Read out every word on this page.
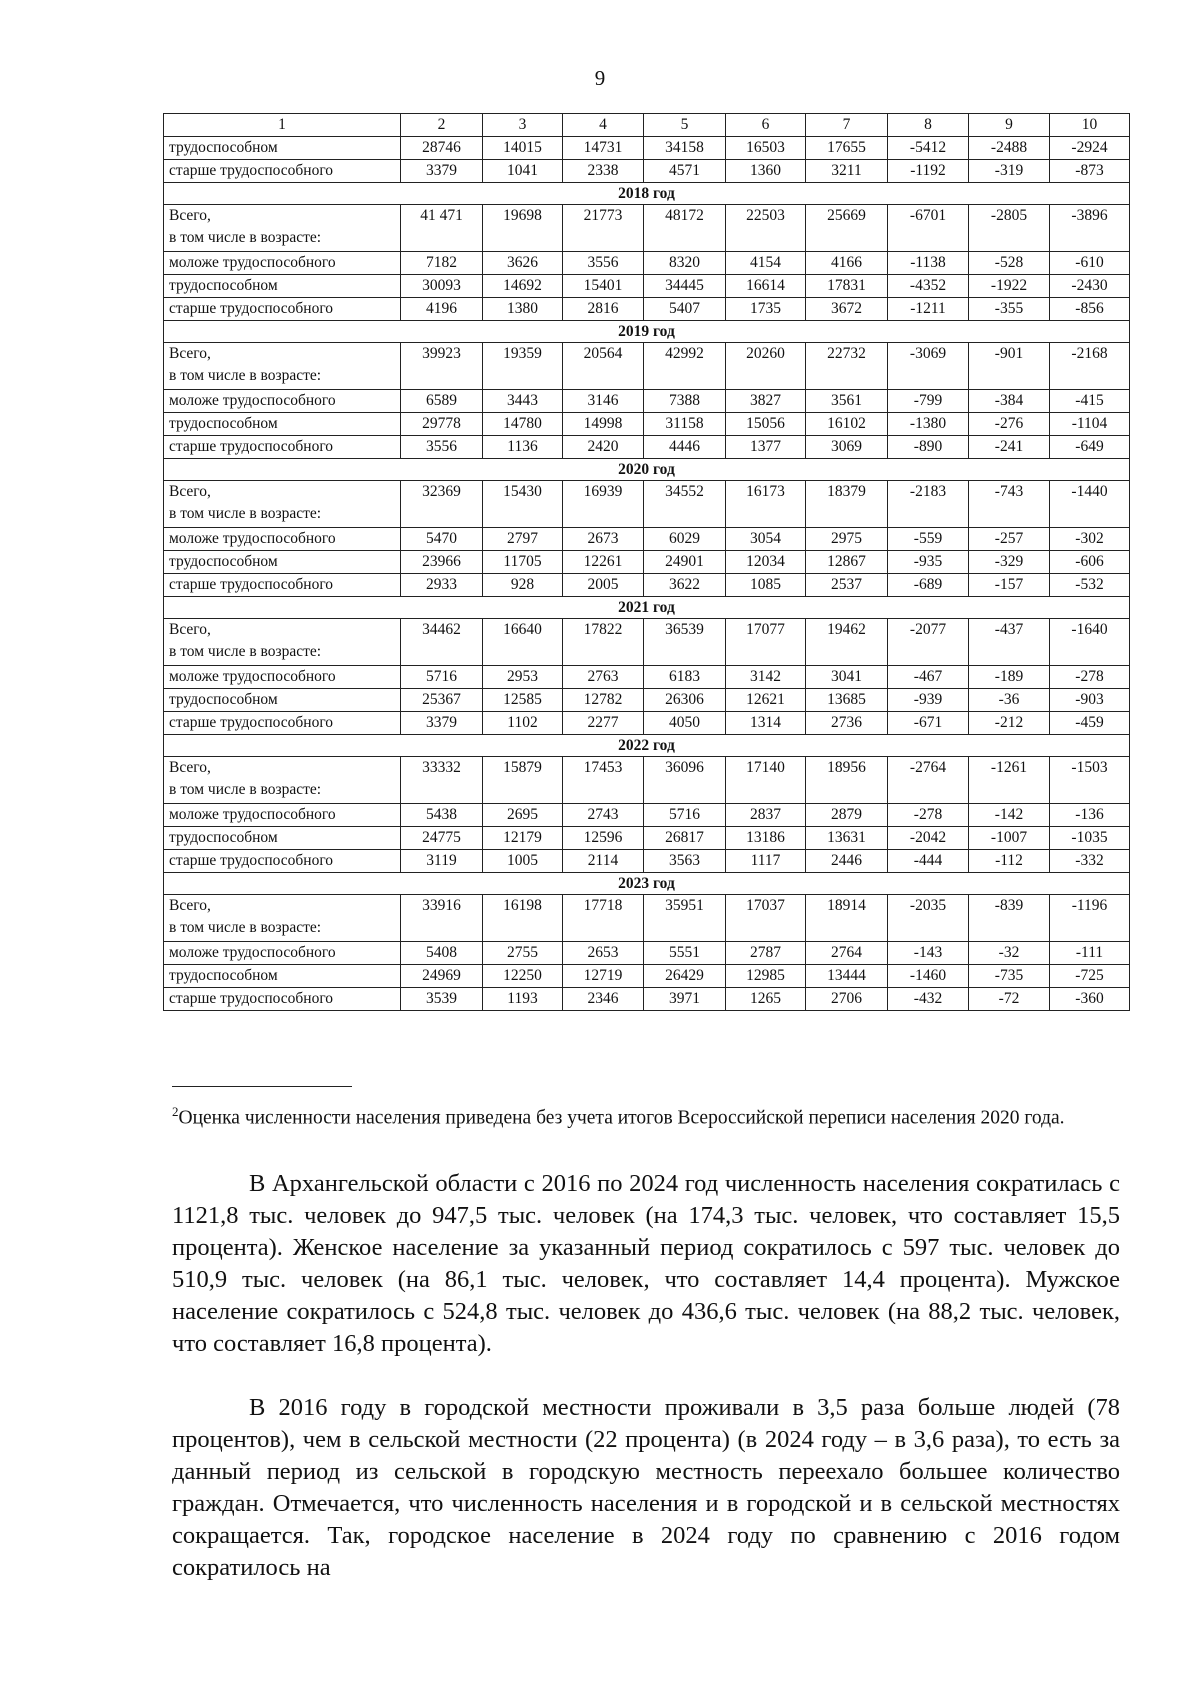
9
1	2	3	4	5	6	7	8	9	10
трудоспособном	28746	14015	14731	34158	16503	17655	-5412	-2488	-2924
старше трудоспособного	3379	1041	2338	4571	1360	3211	-1192	-319	-873
2018 год									

Всего,
в том числе в возрасте:	41 471	19698	21773	48172	22503	25669	-6701	-2805	-3896
моложе трудоспособного	7182	3626	3556	8320	4154	4166	-1138	-528	-610
трудоспособном	30093	14692	15401	34445	16614	17831	-4352	-1922	-2430
старше трудоспособного	4196	1380	2816	5407	1735	3672	-1211	-355	-856
2019 год									

Всего,
в том числе в возрасте:	39923	19359	20564	42992	20260	22732	-3069	-901	-2168
моложе трудоспособного	6589	3443	3146	7388	3827	3561	-799	-384	-415
трудоспособном	29778	14780	14998	31158	15056	16102	-1380	-276	-1104
старше трудоспособного	3556	1136	2420	4446	1377	3069	-890	-241	-649
2020 год									

Всего,
в том числе в возрасте:	32369	15430	16939	34552	16173	18379	-2183	-743	-1440
моложе трудоспособного	5470	2797	2673	6029	3054	2975	-559	-257	-302
трудоспособном	23966	11705	12261	24901	12034	12867	-935	-329	-606
старше трудоспособного	2933	928	2005	3622	1085	2537	-689	-157	-532
2021 год									

Всего,
в том числе в возрасте:	34462	16640	17822	36539	17077	19462	-2077	-437	-1640
моложе трудоспособного	5716	2953	2763	6183	3142	3041	-467	-189	-278
трудоспособном	25367	12585	12782	26306	12621	13685	-939	-36	-903
старше трудоспособного	3379	1102	2277	4050	1314	2736	-671	-212	-459
2022 год									

Всего,
в том числе в возрасте:	33332	15879	17453	36096	17140	18956	-2764	-1261	-1503
моложе трудоспособного	5438	2695	2743	5716	2837	2879	-278	-142	-136
трудоспособном	24775	12179	12596	26817	13186	13631	-2042	-1007	-1035
старше трудоспособного	3119	1005	2114	3563	1117	2446	-444	-112	-332
2023 год									

Всего,
в том числе в возрасте:	33916	16198	17718	35951	17037	18914	-2035	-839	-1196
моложе трудоспособного	5408	2755	2653	5551	2787	2764	-143	-32	-111
трудоспособном	24969	12250	12719	26429	12985	13444	-1460	-735	-725
старше трудоспособного	3539	1193	2346	3971	1265	2706	-432	-72	-360
$^2$Оценка численности населения приведена без учета итогов Всероссийской переписи населения 2020 года.

В Архангельской области с 2016 по 2024 год численность населения сократилась с 1121,8 тыс. человек до 947,5 тыс. человек (на 174,3 тыс. человек, что составляет 15,5 процента). Женское население за указанный период сократилось с 597 тыс. человек до 510,9 тыс. человек (на 86,1 тыс. человек, что составляет 14,4 процента). Мужское население сократилось с 524,8 тыс. человек до 436,6 тыс. человек (на 88,2 тыс. человек, что составляет 16,8 процента).

В 2016 году в городской местности проживали в 3,5 раза больше людей (78 процентов), чем в сельской местности (22 процента) (в 2024 году – в 3,6 раза), то есть за данный период из сельской в городскую местность переехало большее количество граждан. Отмечается, что численность населения и в городской и в сельской местностях сокращается. Так, городское население в 2024 году по сравнению с 2016 годом сократилось на
